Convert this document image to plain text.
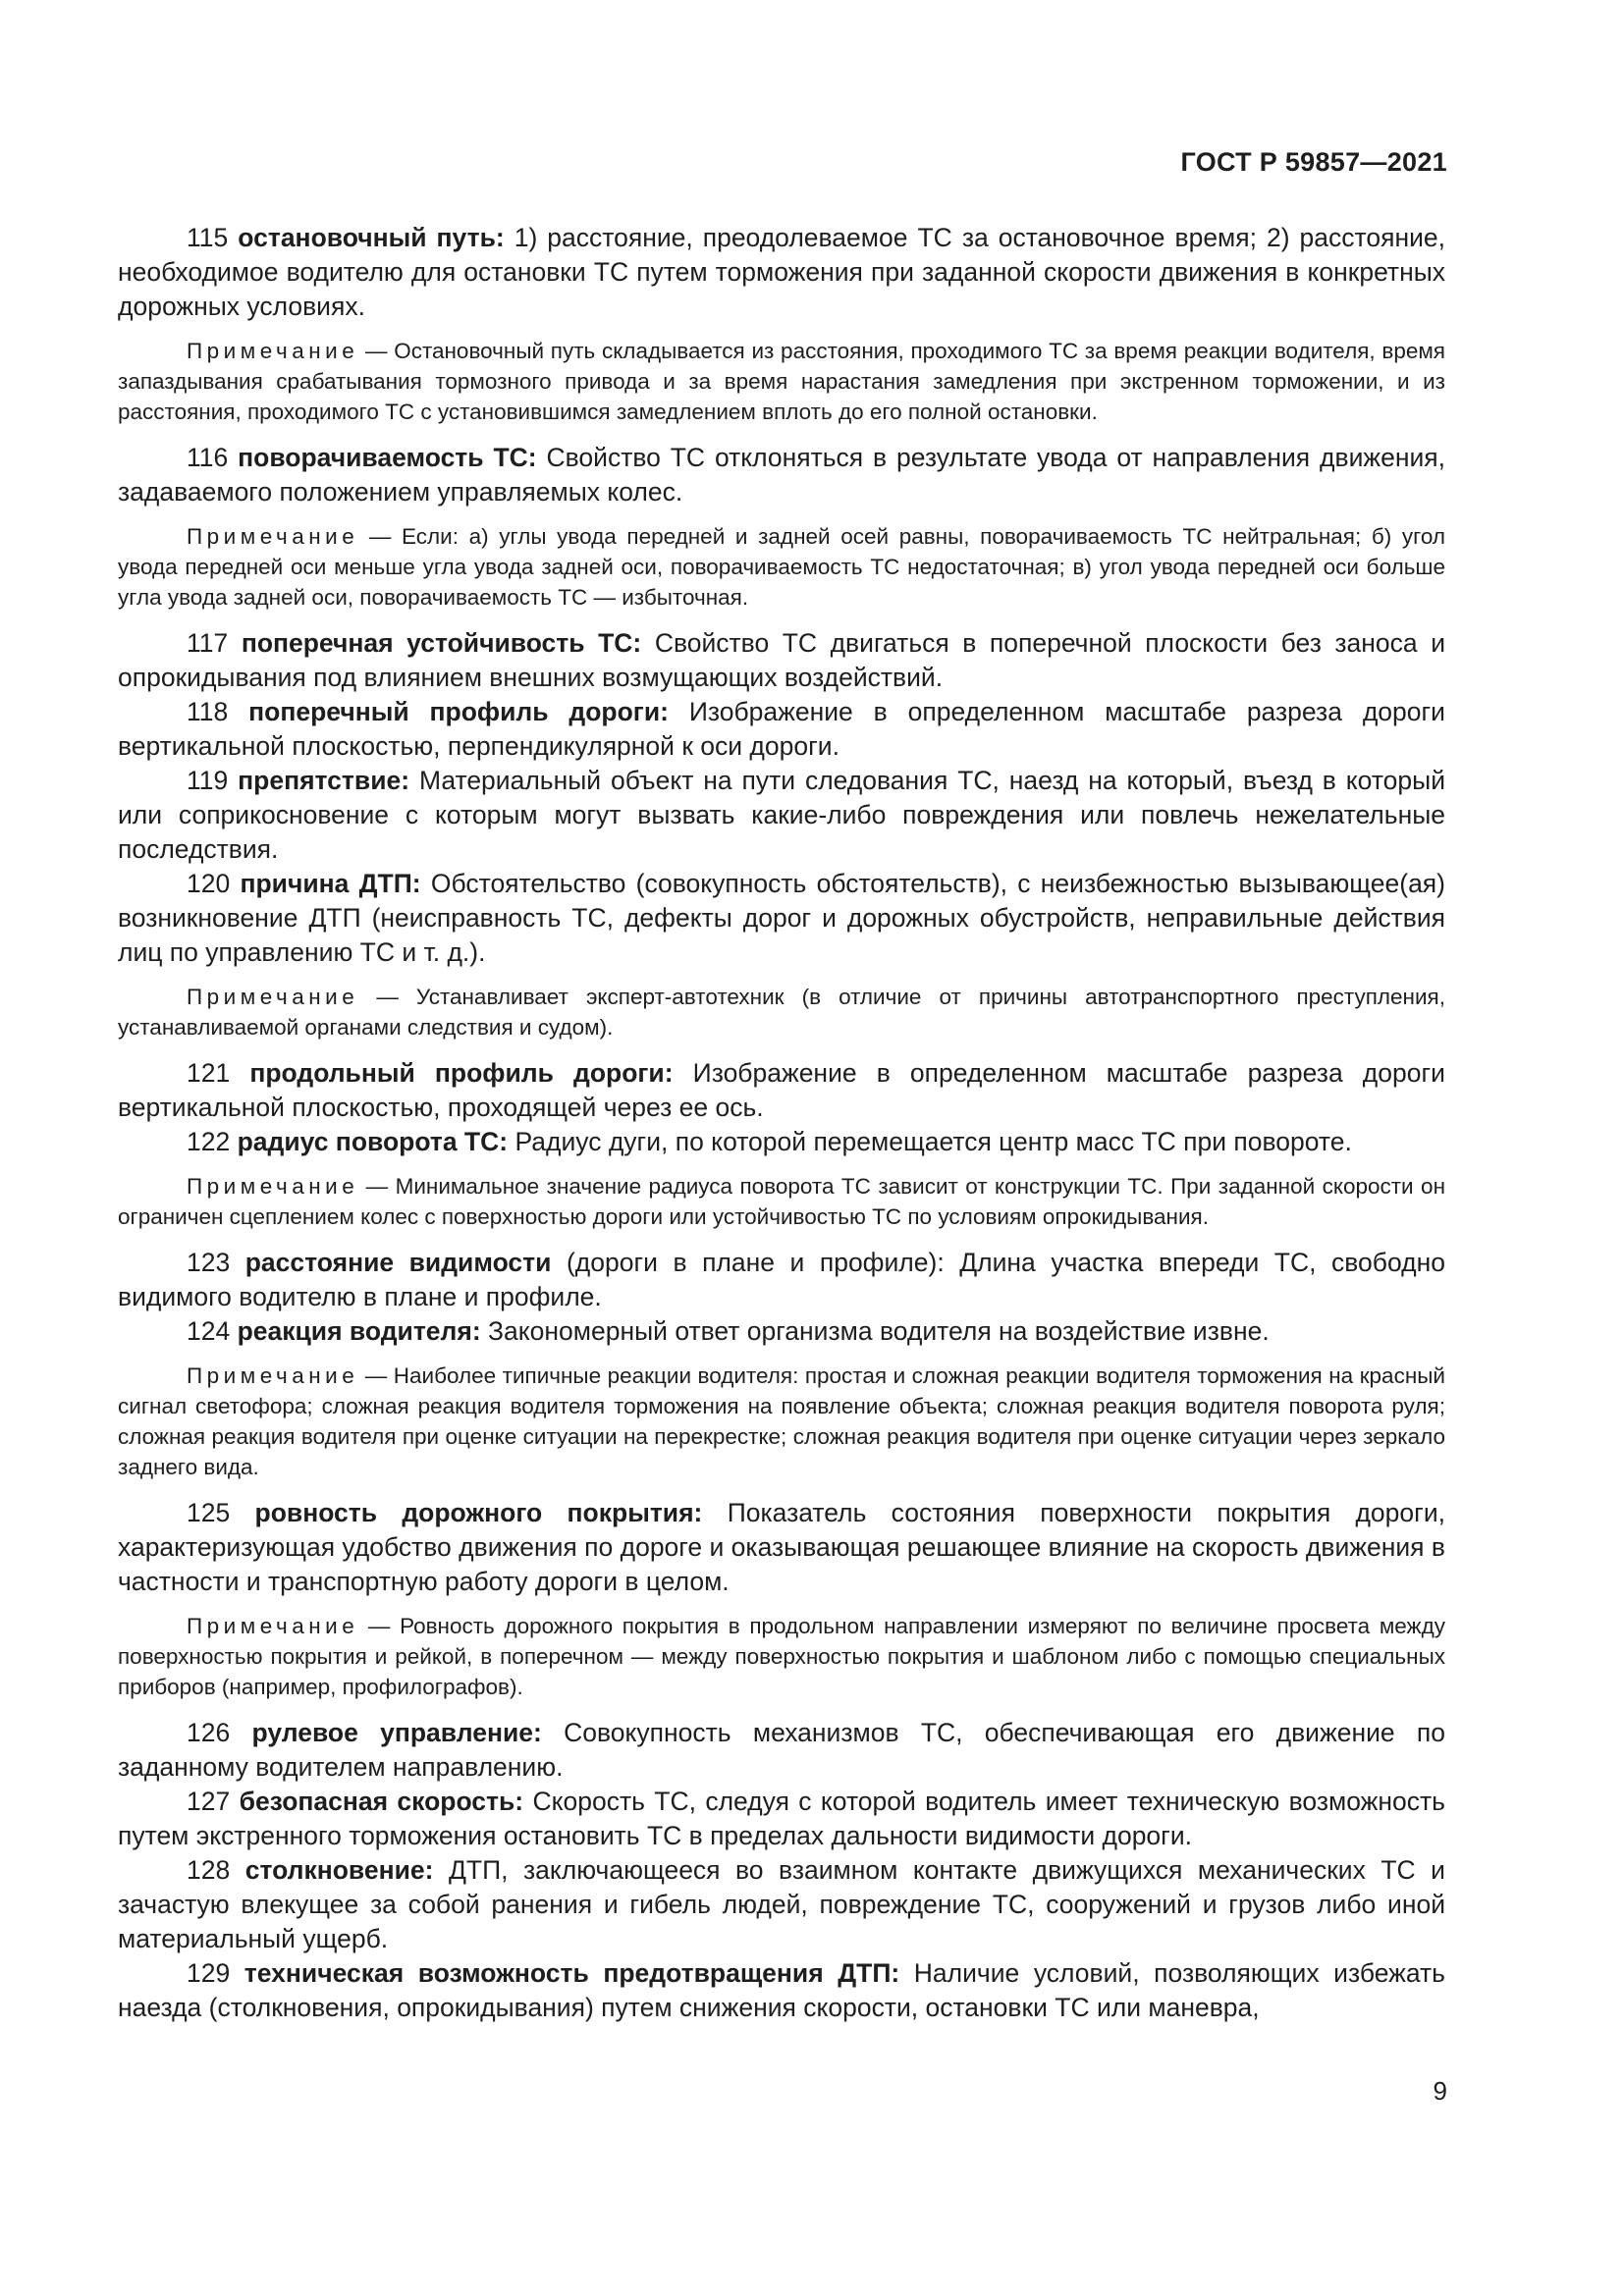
ГОСТ Р 59857—2021

115 остановочный путь: 1) расстояние, преодолеваемое ТС за остановочное время; 2) расстояние, необходимое водителю для остановки ТС путем торможения при заданной скорости движения в конкретных дорожных условиях.

Примечание — Остановочный путь складывается из расстояния, проходимого ТС за время реакции водителя, время запаздывания срабатывания тормозного привода и за время нарастания замедления при экстренном торможении, и из расстояния, проходимого ТС с установившимся замедлением вплоть до его полной остановки.

116 поворачиваемость ТС: Свойство ТС отклоняться в результате увода от направления движения, задаваемого положением управляемых колес.

Примечание — Если: а) углы увода передней и задней осей равны, поворачиваемость ТС нейтральная; б) угол увода передней оси меньше угла увода задней оси, поворачиваемость ТС недостаточная; в) угол увода передней оси больше угла увода задней оси, поворачиваемость ТС — избыточная.

117 поперечная устойчивость ТС: Свойство ТС двигаться в поперечной плоскости без заноса и опрокидывания под влиянием внешних возмущающих воздействий.

118 поперечный профиль дороги: Изображение в определенном масштабе разреза дороги вертикальной плоскостью, перпендикулярной к оси дороги.

119 препятствие: Материальный объект на пути следования ТС, наезд на который, въезд в который или соприкосновение с которым могут вызвать какие-либо повреждения или повлечь нежелательные последствия.

120 причина ДТП: Обстоятельство (совокупность обстоятельств), с неизбежностью вызывающее(ая) возникновение ДТП (неисправность ТС, дефекты дорог и дорожных обустройств, неправильные действия лиц по управлению ТС и т. д.).

Примечание — Устанавливает эксперт-автотехник (в отличие от причины автотранспортного преступления, устанавливаемой органами следствия и судом).

121 продольный профиль дороги: Изображение в определенном масштабе разреза дороги вертикальной плоскостью, проходящей через ее ось.

122 радиус поворота ТС: Радиус дуги, по которой перемещается центр масс ТС при повороте.

Примечание — Минимальное значение радиуса поворота ТС зависит от конструкции ТС. При заданной скорости он ограничен сцеплением колес с поверхностью дороги или устойчивостью ТС по условиям опрокидывания.

123 расстояние видимости (дороги в плане и профиле): Длина участка впереди ТС, свободно видимого водителю в плане и профиле.

124 реакция водителя: Закономерный ответ организма водителя на воздействие извне.

Примечание — Наиболее типичные реакции водителя: простая и сложная реакции водителя торможения на красный сигнал светофора; сложная реакция водителя торможения на появление объекта; сложная реакция водителя поворота руля; сложная реакция водителя при оценке ситуации на перекрестке; сложная реакция водителя при оценке ситуации через зеркало заднего вида.

125 ровность дорожного покрытия: Показатель состояния поверхности покрытия дороги, характеризующая удобство движения по дороге и оказывающая решающее влияние на скорость движения в частности и транспортную работу дороги в целом.

Примечание — Ровность дорожного покрытия в продольном направлении измеряют по величине просвета между поверхностью покрытия и рейкой, в поперечном — между поверхностью покрытия и шаблоном либо с помощью специальных приборов (например, профилографов).

126 рулевое управление: Совокупность механизмов ТС, обеспечивающая его движение по заданному водителем направлению.

127 безопасная скорость: Скорость ТС, следуя с которой водитель имеет техническую возможность путем экстренного торможения остановить ТС в пределах дальности видимости дороги.

128 столкновение: ДТП, заключающееся во взаимном контакте движущихся механических ТС и зачастую влекущее за собой ранения и гибель людей, повреждение ТС, сооружений и грузов либо иной материальный ущерб.

129 техническая возможность предотвращения ДТП: Наличие условий, позволяющих избежать наезда (столкновения, опрокидывания) путем снижения скорости, остановки ТС или маневра,

9
